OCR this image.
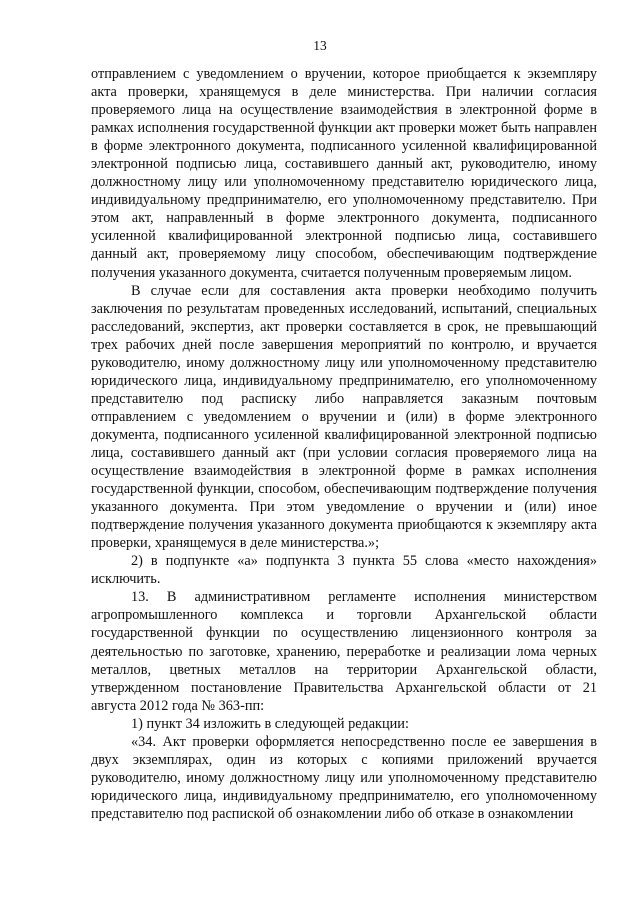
13

отправлением с уведомлением о вручении, которое приобщается к экземпляру акта проверки, хранящемуся в деле министерства. При наличии согласия проверяемого лица на осуществление взаимодействия в электронной форме в рамках исполнения государственной функции акт проверки может быть направлен в форме электронного документа, подписанного усиленной квалифицированной электронной подписью лица, составившего данный акт, руководителю, иному должностному лицу или уполномоченному представителю юридического лица, индивидуальному предпринимателю, его уполномоченному представителю. При этом акт, направленный в форме электронного документа, подписанного усиленной квалифицированной электронной подписью лица, составившего данный акт, проверяемому лицу способом, обеспечивающим подтверждение получения указанного документа, считается полученным проверяемым лицом.

В случае если для составления акта проверки необходимо получить заключения по результатам проведенных исследований, испытаний, специальных расследований, экспертиз, акт проверки составляется в срок, не превышающий трех рабочих дней после завершения мероприятий по контролю, и вручается руководителю, иному должностному лицу или уполномоченному представителю юридического лица, индивидуальному предпринимателю, его уполномоченному представителю под расписку либо направляется заказным почтовым отправлением с уведомлением о вручении и (или) в форме электронного документа, подписанного усиленной квалифицированной электронной подписью лица, составившего данный акт (при условии согласия проверяемого лица на осуществление взаимодействия в электронной форме в рамках исполнения государственной функции, способом, обеспечивающим подтверждение получения указанного документа. При этом уведомление о вручении и (или) иное подтверждение получения указанного документа приобщаются к экземпляру акта проверки, хранящемуся в деле министерства.»;

2) в подпункте «а» подпункта 3 пункта 55 слова «место нахождения» исключить.

13. В административном регламенте исполнения министерством агропромышленного комплекса и торговли Архангельской области государственной функции по осуществлению лицензионного контроля за деятельностью по заготовке, хранению, переработке и реализации лома черных металлов, цветных металлов на территории Архангельской области, утвержденном постановление Правительства Архангельской области от 21 августа 2012 года № 363-пп:

1) пункт 34 изложить в следующей редакции:

«34. Акт проверки оформляется непосредственно после ее завершения в двух экземплярах, один из которых с копиями приложений вручается руководителю, иному должностному лицу или уполномоченному представителю юридического лица, индивидуальному предпринимателю, его уполномоченному представителю под распиской об ознакомлении либо об отказе в ознакомлении
